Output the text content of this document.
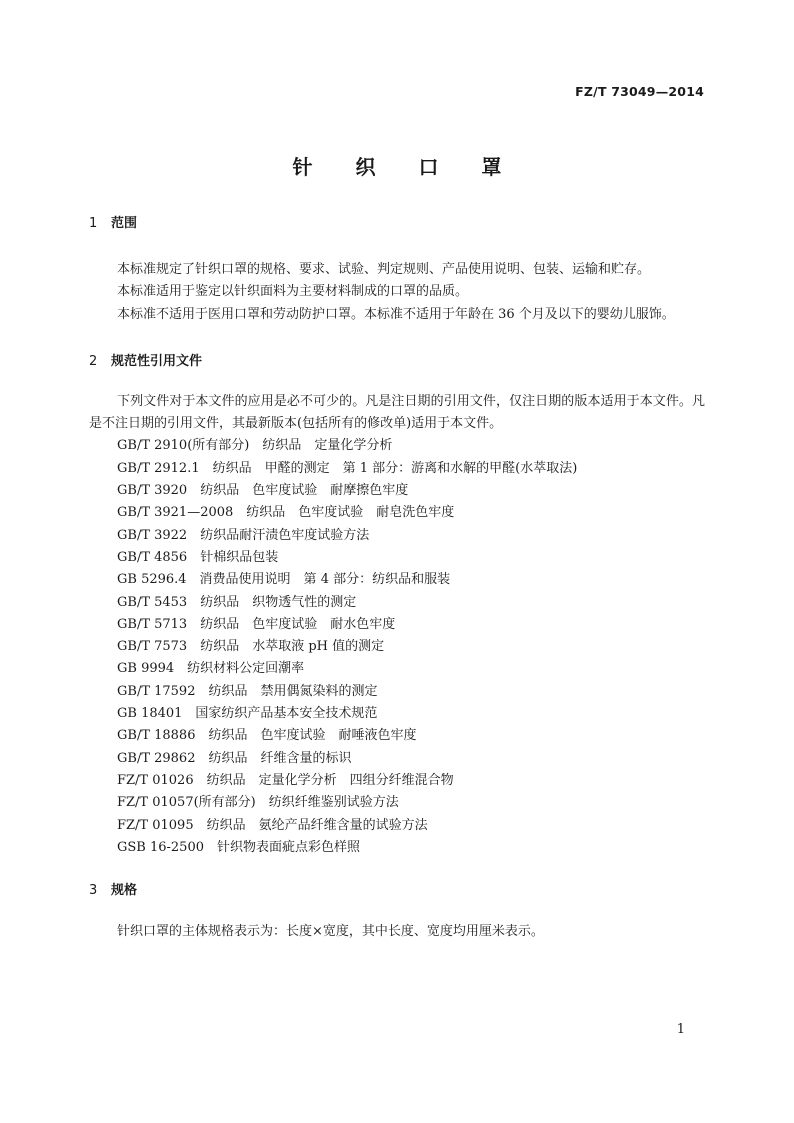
FZ/T 73049—2014
针 织 口 罩
1 范围

本标准规定了针织口罩的规格、要求、试验、判定规则、产品使用说明、包装、运输和贮存。

本标准适用于鉴定以针织面料为主要材料制成的口罩的品质。

本标准不适用于医用口罩和劳动防护口罩。本标准不适用于年龄在 36 个月及以下的婴幼儿服饰。

2 规范性引用文件

下列文件对于本文件的应用是必不可少的。凡是注日期的引用文件，仅注日期的版本适用于本文件。凡是不注日期的引用文件，其最新版本(包括所有的修改单)适用于本文件。

GB/T 2910(所有部分)　纺织品　定量化学分析

GB/T 2912.1　纺织品　甲醛的测定　第 1 部分：游离和水解的甲醛(水萃取法)

GB/T 3920　纺织品　色牢度试验　耐摩擦色牢度

GB/T 3921—2008　纺织品　色牢度试验　耐皂洗色牢度

GB/T 3922　纺织品耐汗渍色牢度试验方法

GB/T 4856　针棉织品包装

GB 5296.4　消费品使用说明　第 4 部分：纺织品和服装

GB/T 5453　纺织品　织物透气性的测定

GB/T 5713　纺织品　色牢度试验　耐水色牢度

GB/T 7573　纺织品　水萃取液 pH 值的测定

GB 9994　纺织材料公定回潮率

GB/T 17592　纺织品　禁用偶氮染料的测定

GB 18401　国家纺织产品基本安全技术规范

GB/T 18886　纺织品　色牢度试验　耐唾液色牢度

GB/T 29862　纺织品　纤维含量的标识

FZ/T 01026　纺织品　定量化学分析　四组分纤维混合物

FZ/T 01057(所有部分)　纺织纤维鉴别试验方法

FZ/T 01095　纺织品　氨纶产品纤维含量的试验方法

GSB 16-2500　针织物表面疵点彩色样照

3 规格

针织口罩的主体规格表示为：长度×宽度，其中长度、宽度均用厘米表示。

1
